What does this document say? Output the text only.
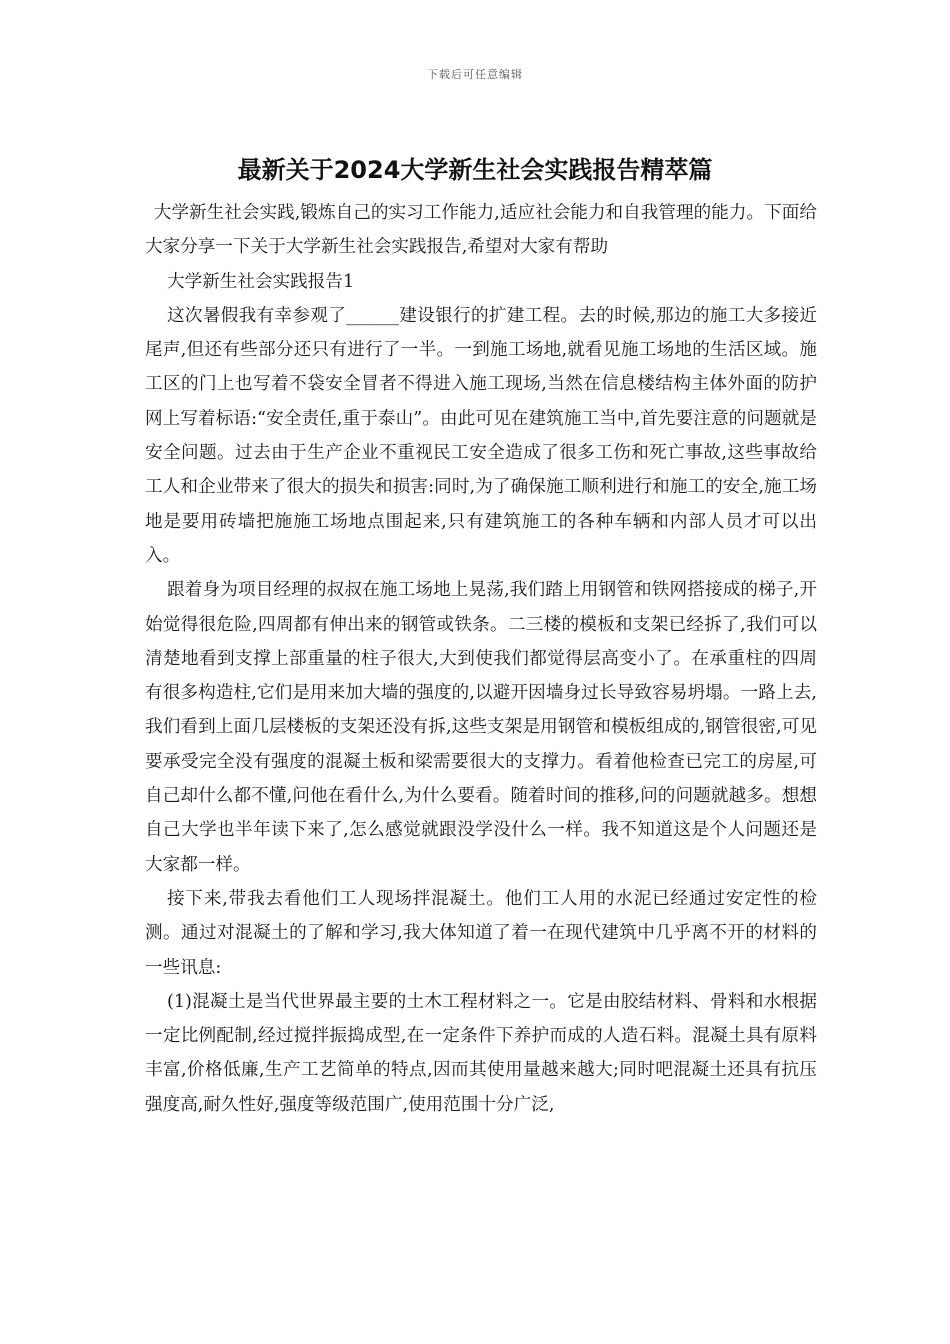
下载后可任意编辑
最新关于2024大学新生社会实践报告精萃篇

大学新生社会实践,锻炼自己的实习工作能力,适应社会能力和自我管理的能力。下面给大家分享一下关于大学新生社会实践报告,希望对大家有帮助

大学新生社会实践报告1

这次暑假我有幸参观了______建设银行的扩建工程。去的时候,那边的施工大多接近尾声,但还有些部分还只有进行了一半。一到施工场地,就看见施工场地的生活区域。施工区的门上也写着不袋安全冒者不得进入施工现场,当然在信息楼结构主体外面的防护网上写着标语:“安全责任,重于泰山”。由此可见在建筑施工当中,首先要注意的问题就是安全问题。过去由于生产企业不重视民工安全造成了很多工伤和死亡事故,这些事故给工人和企业带来了很大的损失和损害:同时,为了确保施工顺利进行和施工的安全,施工场地是要用砖墙把施施工场地点围起来,只有建筑施工的各种车辆和内部人员才可以出入。

跟着身为项目经理的叔叔在施工场地上晃荡,我们踏上用钢管和铁网搭接成的梯子,开始觉得很危险,四周都有伸出来的钢管或铁条。二三楼的模板和支架已经拆了,我们可以清楚地看到支撑上部重量的柱子很大,大到使我们都觉得层高变小了。在承重柱的四周有很多构造柱,它们是用来加大墙的强度的,以避开因墙身过长导致容易坍塌。一路上去,我们看到上面几层楼板的支架还没有拆,这些支架是用钢管和模板组成的,钢管很密,可见要承受完全没有强度的混凝土板和梁需要很大的支撑力。看着他检查已完工的房屋,可自己却什么都不懂,问他在看什么,为什么要看。随着时间的推移,问的问题就越多。想想自己大学也半年读下来了,怎么感觉就跟没学没什么一样。我不知道这是个人问题还是大家都一样。

接下来,带我去看他们工人现场拌混凝土。他们工人用的水泥已经通过安定性的检测。通过对混凝土的了解和学习,我大体知道了着一在现代建筑中几乎离不开的材料的一些讯息:

(1)混凝土是当代世界最主要的土木工程材料之一。它是由胶结材料、骨料和水根据一定比例配制,经过搅拌振捣成型,在一定条件下养护而成的人造石料。混凝土具有原料丰富,价格低廉,生产工艺简单的特点,因而其使用量越来越大;同时吧混凝土还具有抗压强度高,耐久性好,强度等级范围广,使用范围十分广泛,
